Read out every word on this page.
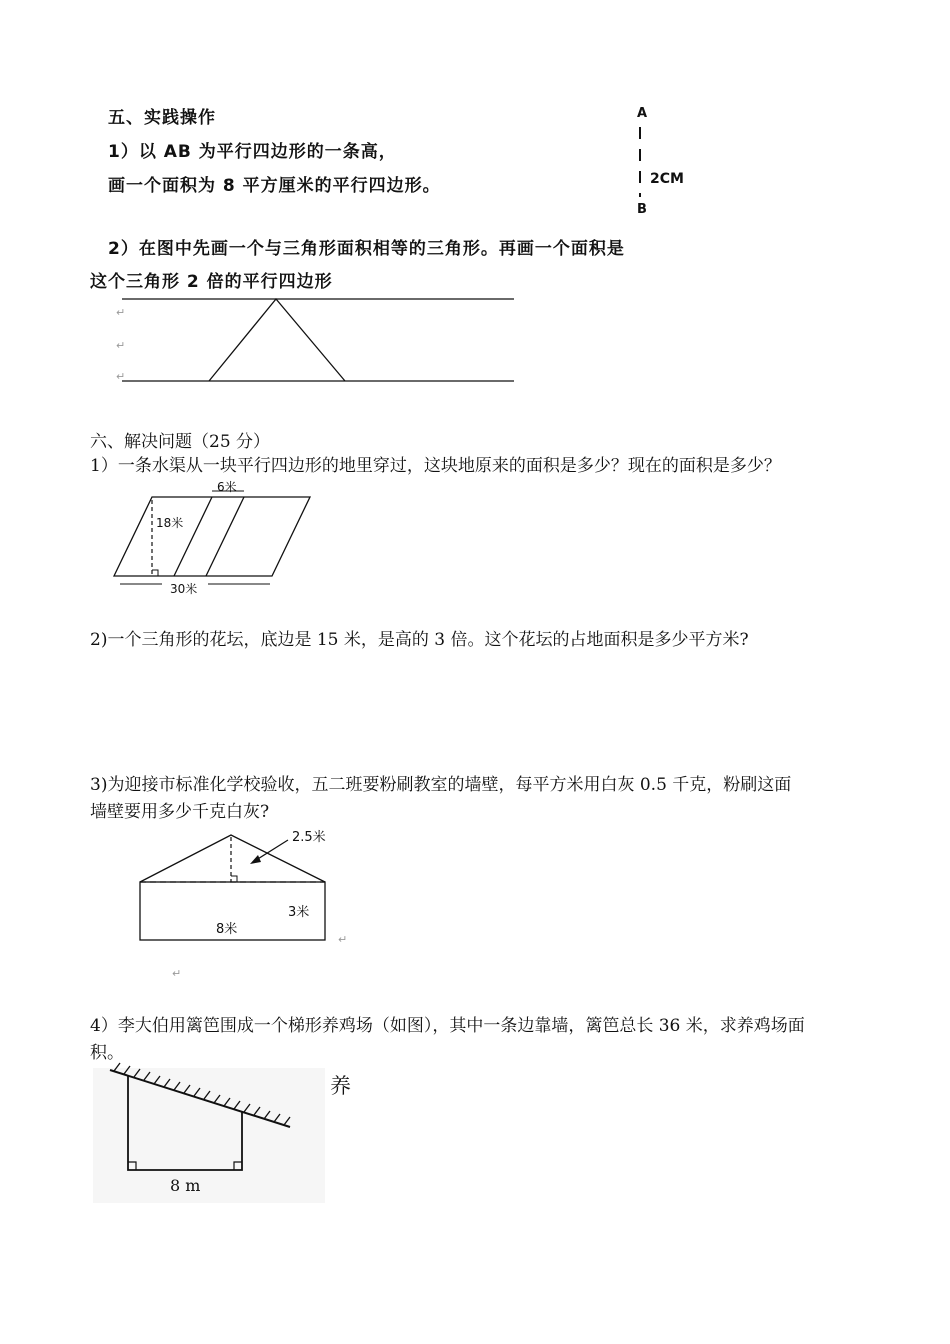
五、实践操作
1）以 AB 为平行四边形的一条高，
画一个面积为 8 平方厘米的平行四边形。
A
B
2CM
2）在图中先画一个与三角形面积相等的三角形。再画一个面积是
这个三角形 2 倍的平行四边形
↵
↵
↵
六、解决问题（25 分）
1）一条水渠从一块平行四边形的地里穿过，这块地原来的面积是多少？现在的面积是多少？
6米
18米
30米
2)一个三角形的花坛，底边是 15 米，是高的 3 倍。这个花坛的占地面积是多少平方米?
3)为迎接市标准化学校验收，五二班要粉刷教室的墙壁，每平方米用白灰 0.5 千克，粉刷这面
墙壁要用多少千克白灰?
2.5米
3米
8米
↵
↵
4）李大伯用篱笆围成一个梯形养鸡场（如图），其中一条边靠墙，篱笆总长 36 米，求养鸡场面
积。
8 m
养
